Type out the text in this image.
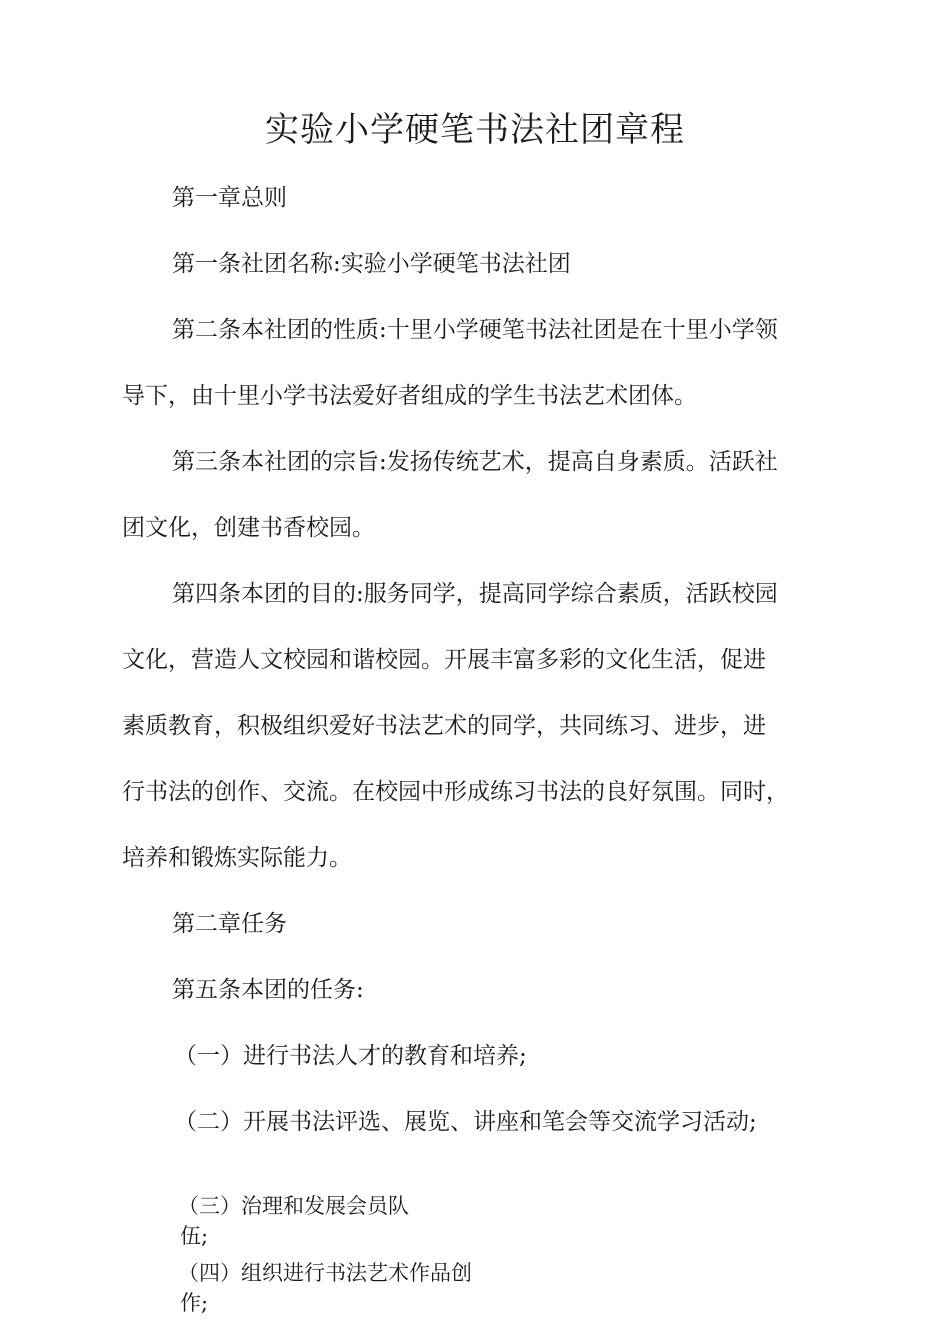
实验小学硬笔书法社团章程
第一章总则
第一条社团名称:实验小学硬笔书法社团
第二条本社团的性质:十里小学硬笔书法社团是在十里小学领
导下，由十里小学书法爱好者组成的学生书法艺术团体。
第三条本社团的宗旨:发扬传统艺术，提高自身素质。活跃社
团文化，创建书香校园。
第四条本团的目的:服务同学，提高同学综合素质，活跃校园
文化，营造人文校园和谐校园。开展丰富多彩的文化生活，促进
素质教育，积极组织爱好书法艺术的同学，共同练习、进步，进
行书法的创作、交流。在校园中形成练习书法的良好氛围。同时，
培养和锻炼实际能力。
第二章任务
第五条本团的任务:
（一）进行书法人才的教育和培养;
（二）开展书法评选、展览、讲座和笔会等交流学习活动;
（三）治理和发展会员队
伍;
（四）组织进行书法艺术作品创
作;
